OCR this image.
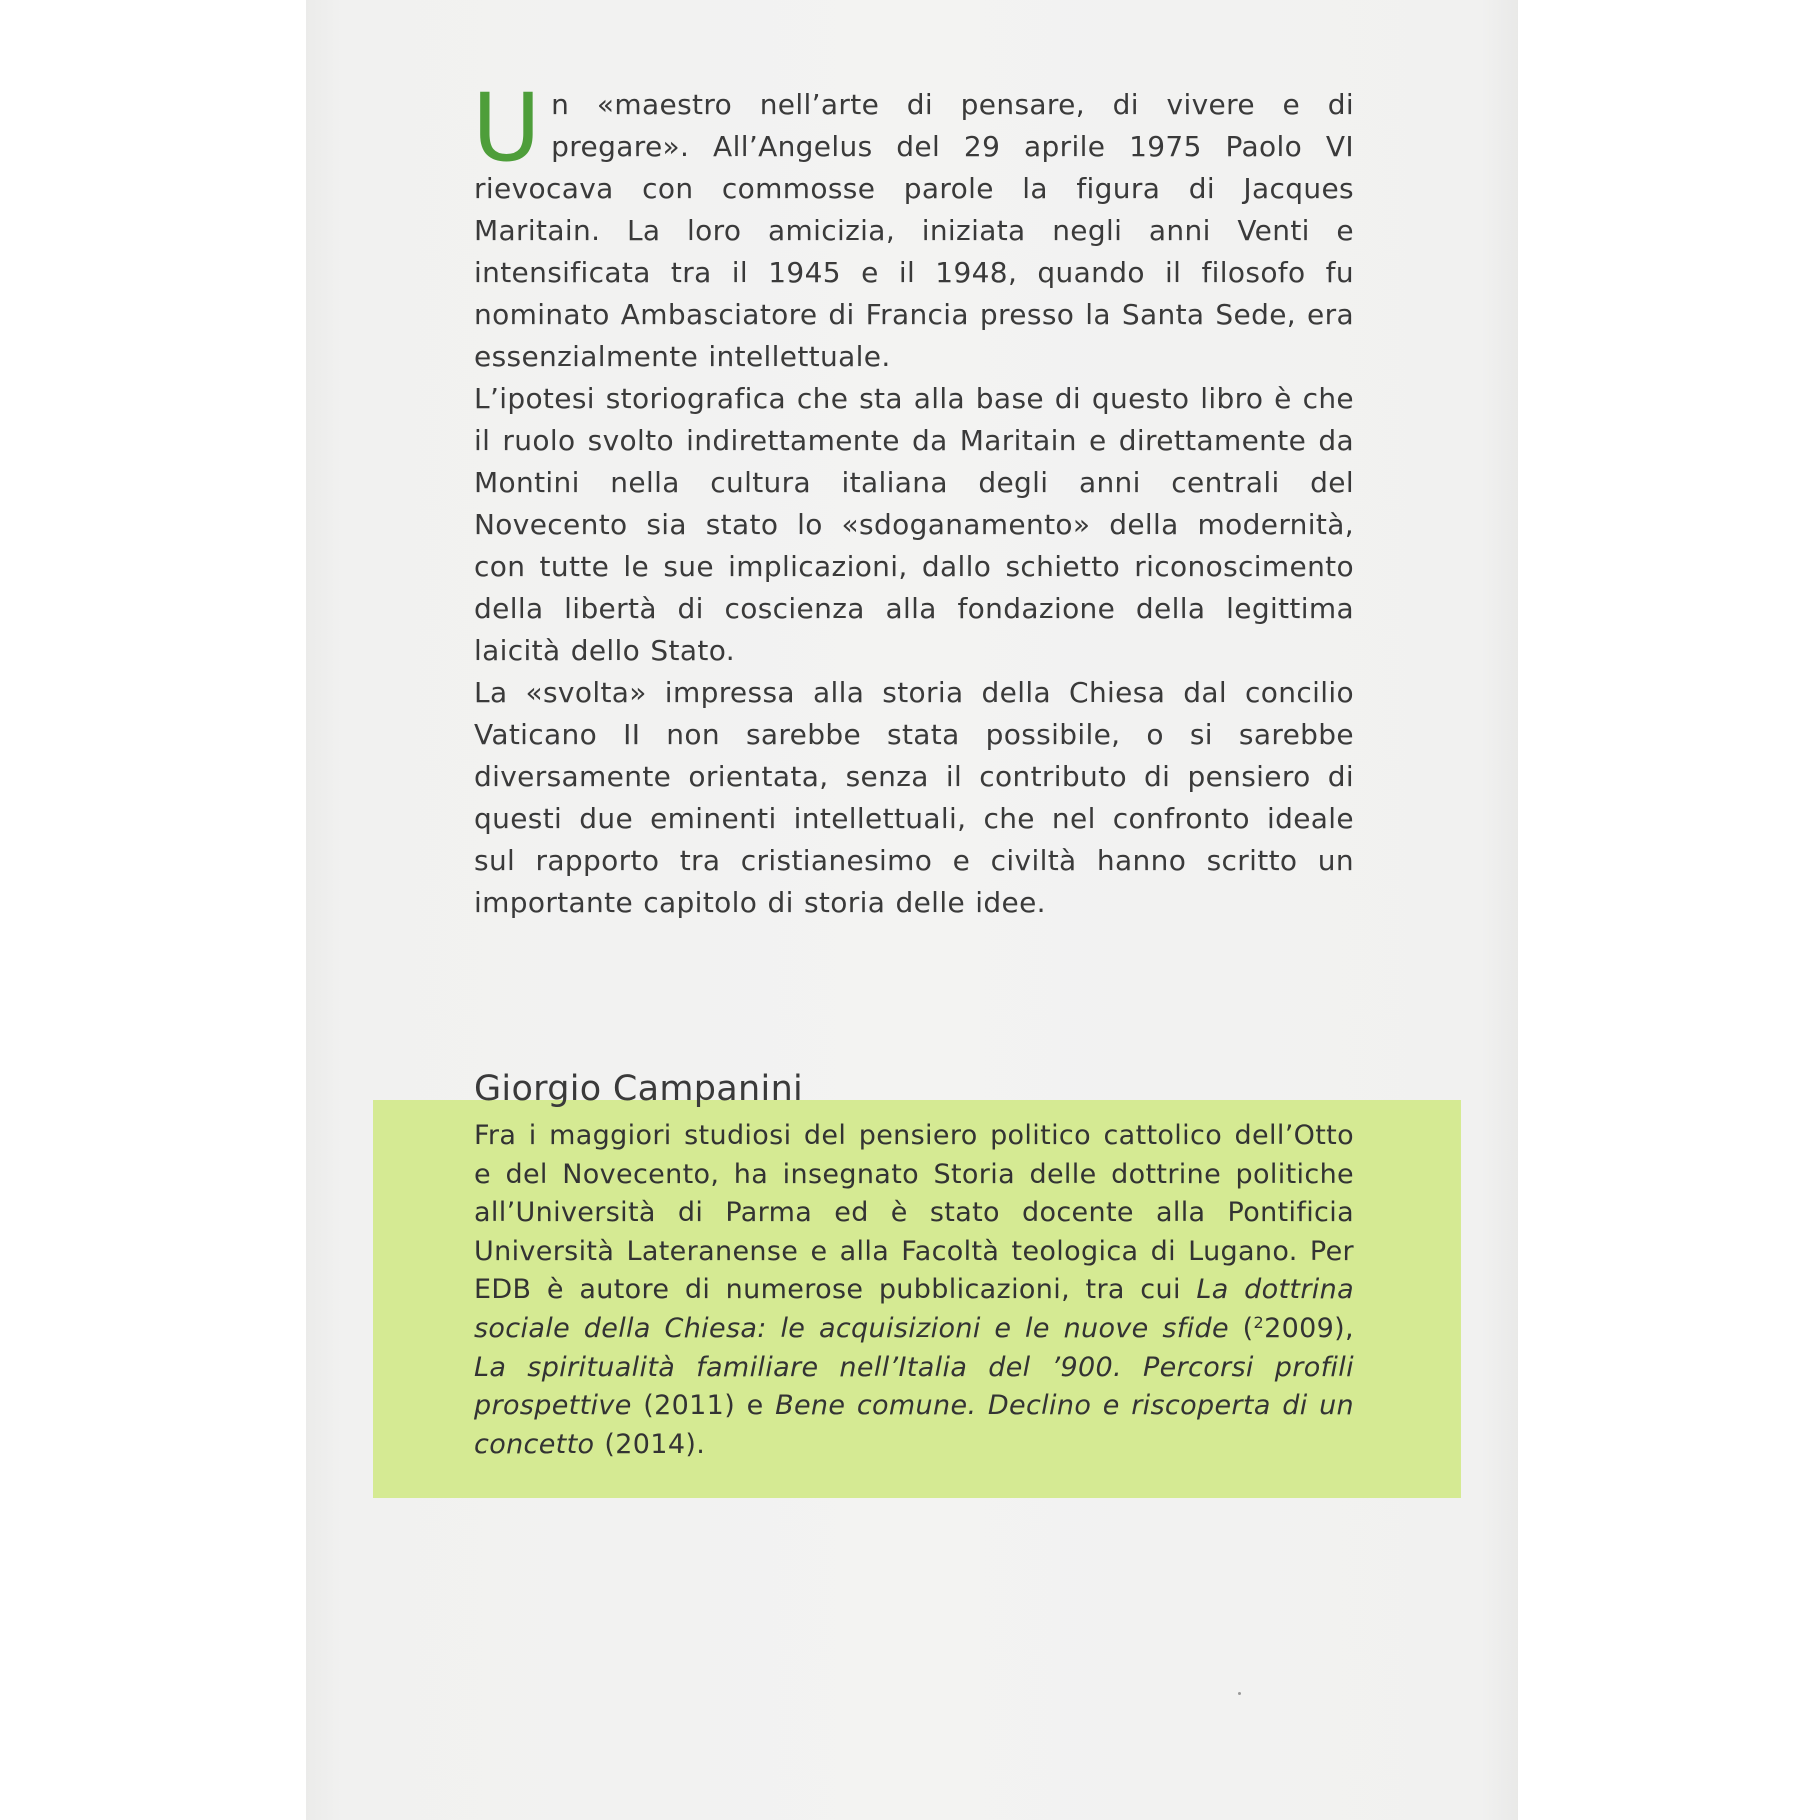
Un «maestro nell’arte di pensare, di vivere e di pregare». All’Angelus del 29 aprile 1975 Paolo VI rievocava con commosse parole la figura di Jacques Maritain. La loro amicizia, iniziata negli anni Venti e intensificata tra il 1945 e il 1948, quando il filosofo fu nominato Ambasciatore di Francia presso la Santa Sede, era essenzialmente intellettuale.

L’ipotesi storiografica che sta alla base di questo libro è che il ruolo svolto indirettamente da Maritain e direttamente da Montini nella cultura italiana degli anni centrali del Novecento sia stato lo «sdoganamento» della modernità, con tutte le sue implicazioni, dallo schietto riconoscimento della libertà di coscienza alla fondazione della legittima laicità dello Stato.

La «svolta» impressa alla storia della Chiesa dal concilio Vaticano II non sarebbe stata possibile, o si sarebbe diversamente orientata, senza il contributo di pensiero di questi due eminenti intellettuali, che nel confronto ideale sul rapporto tra cristianesimo e civiltà hanno scritto un importante capitolo di storia delle idee.

Giorgio Campanini

Fra i maggiori studiosi del pensiero politico cattolico dell’Otto e del Novecento, ha insegnato Storia delle dottrine politiche all’Università di Parma ed è stato docente alla Pontificia Università Lateranense e alla Facoltà teologica di Lugano. Per EDB è autore di numerose pubblicazioni, tra cui La dottrina sociale della Chiesa: le acquisizioni e le nuove sfide ($^2$2009), La spiritualità familiare nell’Italia del ’900. Percorsi profili prospettive (2011) e Bene comune. Declino e riscoperta di un concetto (2014).
